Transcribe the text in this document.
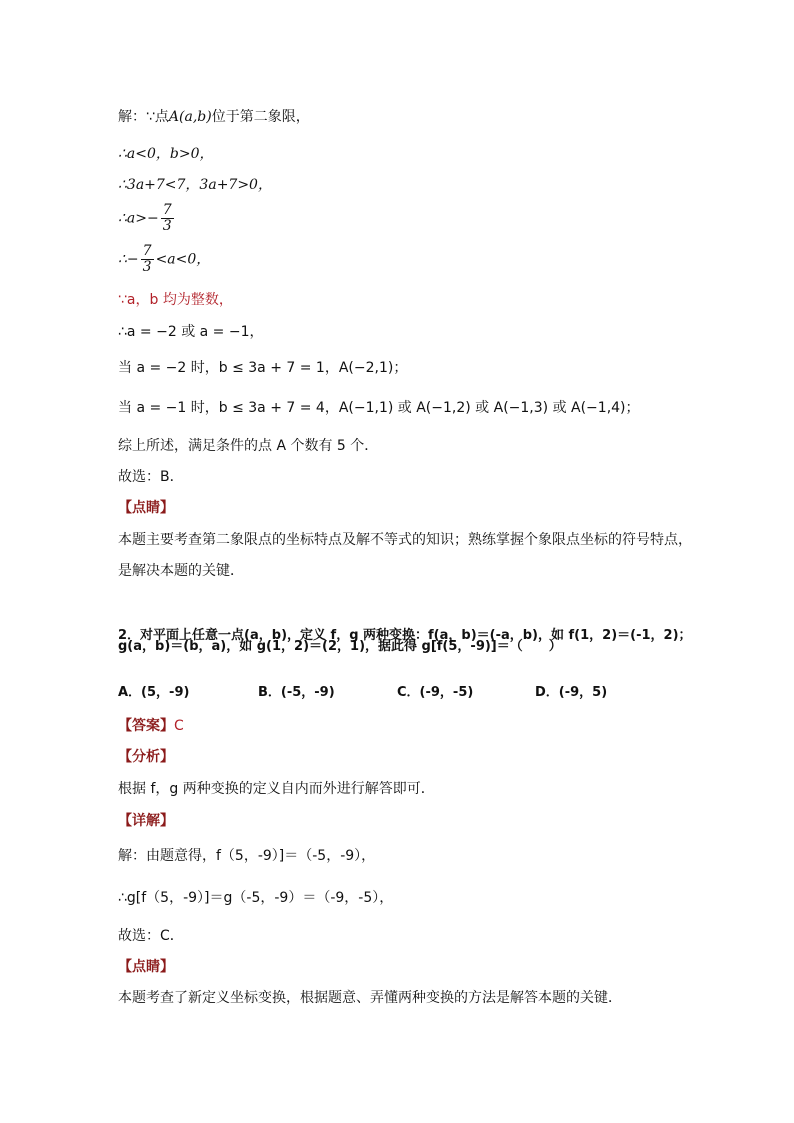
解：∵点A(a,b)位于第二象限，
∴a<0，b>0，
∴3a+7<7，3a+7>0，
∴a>− $\frac{7}{3}$
∴− $\frac{7}{3} <a<0$，
∵a，b 均为整数，
∴a = −2 或 a = −1，
当 a = −2 时，b ≤ 3a + 7 = 1，A(−2,1)；
当 a = −1 时，b ≤ 3a + 7 = 4，A(−1,1) 或 A(−1,2) 或 A(−1,3) 或 A(−1,4)；
综上所述，满足条件的点 A 个数有 5 个．
故选：B．
【点睛】
本题主要考查第二象限点的坐标特点及解不等式的知识；熟练掌握个象限点坐标的符号特点，
是解决本题的关键．
2．对平面上任意一点(a，b)，定义 f，g 两种变换：f(a，b)＝(-a，b)，如 f(1，2)＝(-1，2)；
g(a，b)＝(b，a)，如 g(1，2)＝(2，1)，据此得 g[f(5，-9)]＝（　　）
A．(5，-9)	B．(-5，-9)	C．(-9，-5)	D．(-9，5)
【答案】C
【分析】
根据 f，g 两种变换的定义自内而外进行解答即可．
【详解】
解：由题意得，f（5，-9）]＝（-5，-9），
∴g[f（5，-9）]＝g（-5，-9）＝（-9，-5），
故选：C．
【点睛】
本题考查了新定义坐标变换，根据题意、弄懂两种变换的方法是解答本题的关键．
